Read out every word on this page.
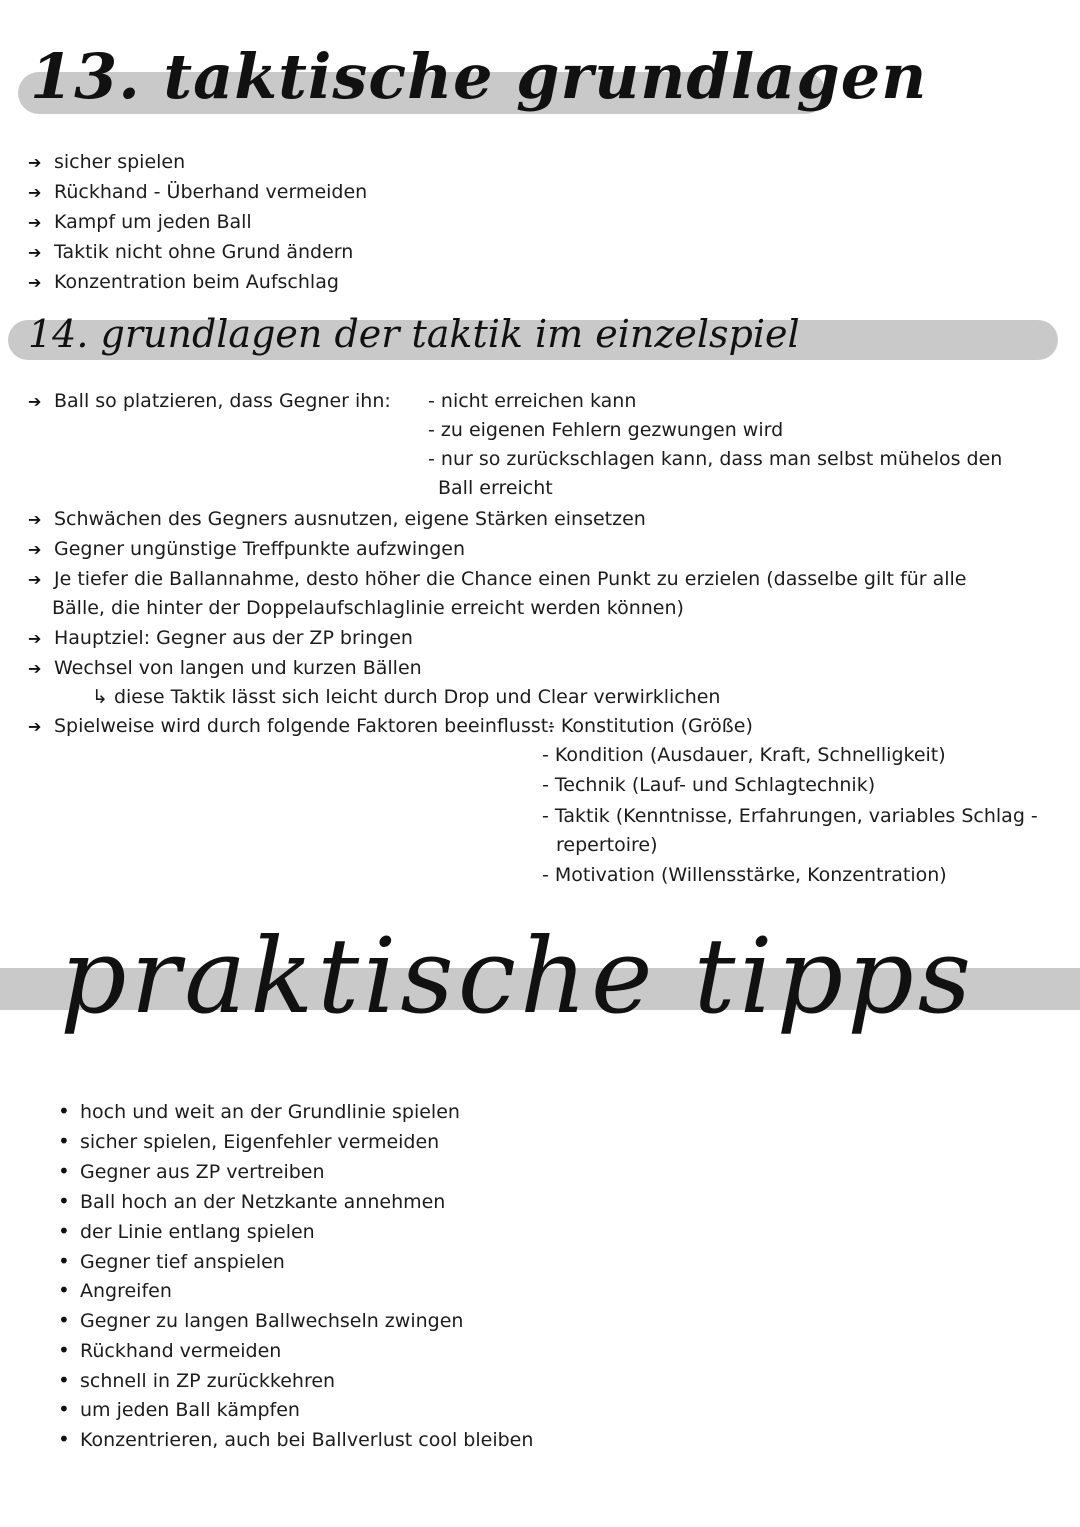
13. taktische grundlagen
➔ sicher spielen
➔ Rückhand - Überhand vermeiden
➔ Kampf um jeden Ball
➔ Taktik nicht ohne Grund ändern
➔ Konzentration beim Aufschlag
14. grundlagen der taktik im einzelspiel
➔ Ball so platzieren, dass Gegner ihn: - nicht erreichen kann
- zu eigenen Fehlern gezwungen wird
- nur so zurückschlagen kann, dass man selbst mühelos den
Ball erreicht
➔ Schwächen des Gegners ausnutzen, eigene Stärken einsetzen
➔ Gegner ungünstige Treffpunkte aufzwingen
➔ Je tiefer die Ballannahme, desto höher die Chance einen Punkt zu erzielen (dasselbe gilt für alle
Bälle, die hinter der Doppelaufschlaglinie erreicht werden können)
➔ Hauptziel: Gegner aus der ZP bringen
➔ Wechsel von langen und kurzen Bällen
↳ diese Taktik lässt sich leicht durch Drop und Clear verwirklichen
➔ Spielweise wird durch folgende Faktoren beeinflusst:
- Konstitution (Größe)
- Kondition (Ausdauer, Kraft, Schnelligkeit)
- Technik (Lauf- und Schlagtechnik)
- Taktik (Kenntnisse, Erfahrungen, variables Schlag -
repertoire)
- Motivation (Willensstärke, Konzentration)
praktische tipps
• hoch und weit an der Grundlinie spielen
• sicher spielen, Eigenfehler vermeiden
• Gegner aus ZP vertreiben
• Ball hoch an der Netzkante annehmen
• der Linie entlang spielen
• Gegner tief anspielen
• Angreifen
• Gegner zu langen Ballwechseln zwingen
• Rückhand vermeiden
• schnell in ZP zurückkehren
• um jeden Ball kämpfen
• Konzentrieren, auch bei Ballverlust cool bleiben
